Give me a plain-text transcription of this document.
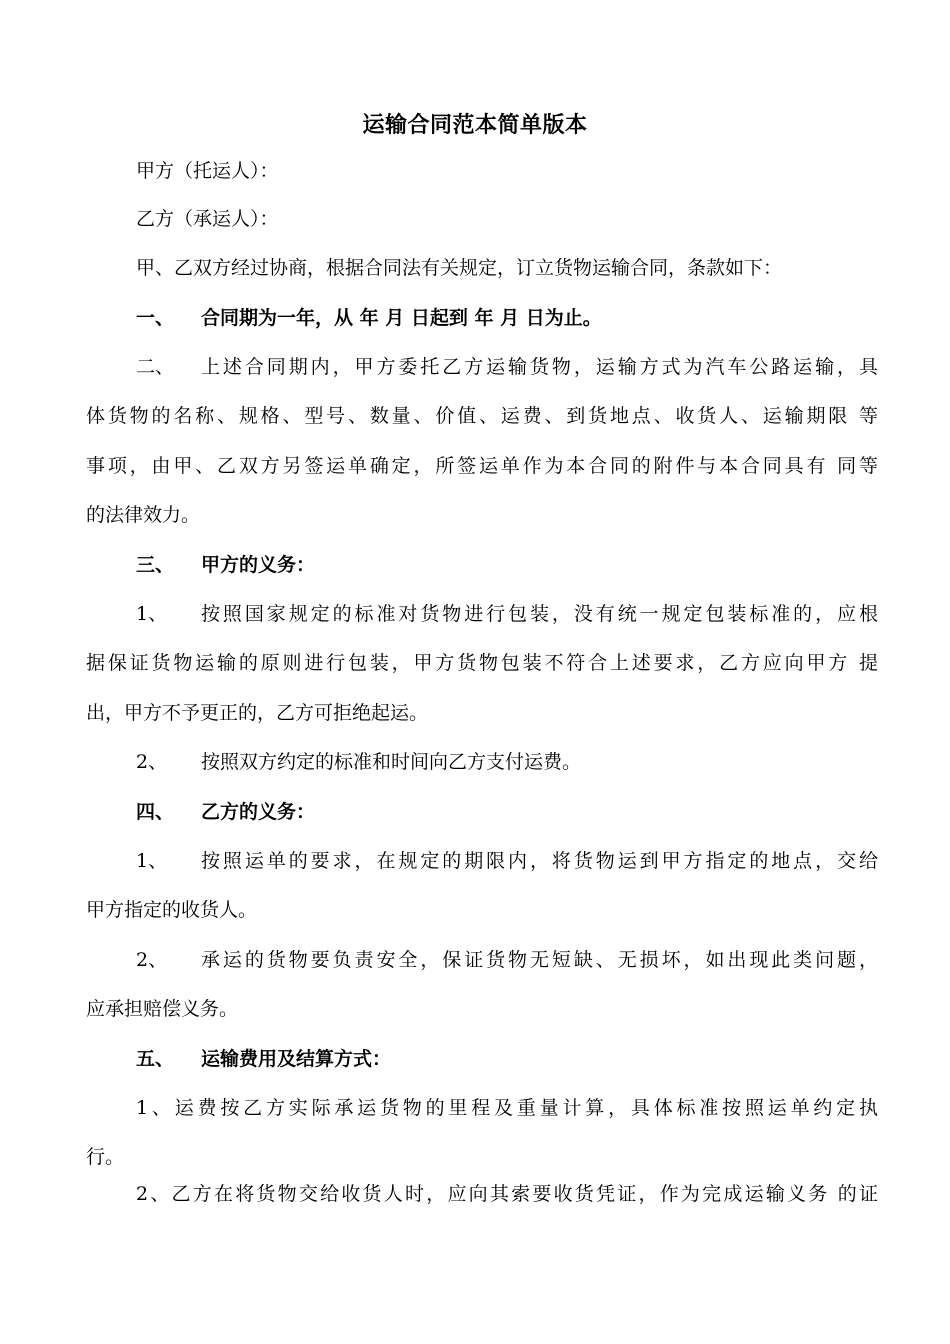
运输合同范本简单版本
甲方（托运人）：
乙方（承运人）：
甲、乙双方经过协商，根据合同法有关规定，订立货物运输合同，条款如下：
一、 合同期为一年，从 年 月 日起到 年 月 日为止。
二、 上述合同期内，甲方委托乙方运输货物，运输方式为汽车公路运输，具
体货物的名称、规格、型号、数量、价值、运费、到货地点、收货人、运输期限 等
事项，由甲、乙双方另签运单确定，所签运单作为本合同的附件与本合同具有 同等
的法律效力。
三、 甲方的义务：
1、 按照国家规定的标准对货物进行包装，没有统一规定包装标准的，应根
据保证货物运输的原则进行包装，甲方货物包装不符合上述要求，乙方应向甲方 提
出，甲方不予更正的，乙方可拒绝起运。
2、 按照双方约定的标准和时间向乙方支付运费。
四、 乙方的义务：
1、 按照运单的要求，在规定的期限内，将货物运到甲方指定的地点，交给
甲方指定的收货人。
2、 承运的货物要负责安全，保证货物无短缺、无损坏，如出现此类问题，
应承担赔偿义务。
五、 运输费用及结算方式：
1、运费按乙方实际承运货物的里程及重量计算，具体标准按照运单约定执
行。
2、乙方在将货物交给收货人时，应向其索要收货凭证，作为完成运输义务 的证
